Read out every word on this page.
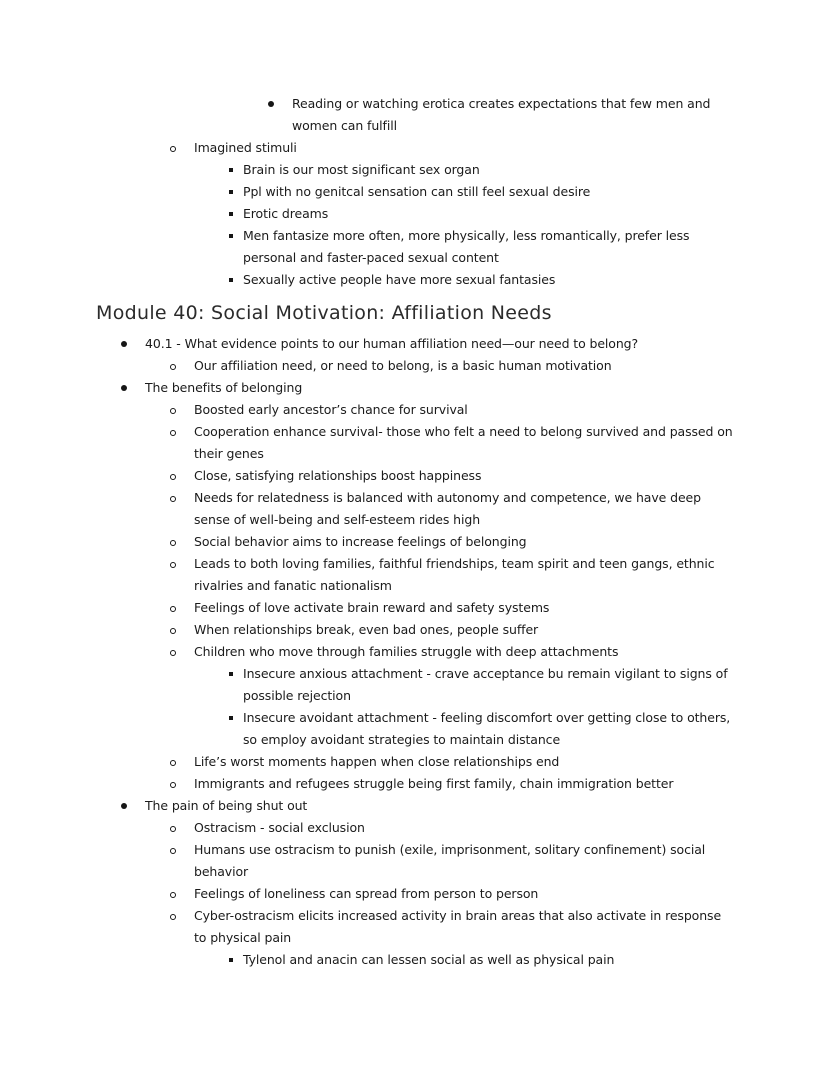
Reading or watching erotica creates expectations that few men and women can fulfill
Imagined stimuli
Brain is our most significant sex organ
Ppl with no genitcal sensation can still feel sexual desire
Erotic dreams
Men fantasize more often, more physically, less romantically, prefer less personal and faster-paced sexual content
Sexually active people have more sexual fantasies
Module 40: Social Motivation: Affiliation Needs
40.1 - What evidence points to our human affiliation need—our need to belong?
Our affiliation need, or need to belong, is a basic human motivation
The benefits of belonging
Boosted early ancestor’s chance for survival
Cooperation enhance survival- those who felt a need to belong survived and passed on their genes
Close, satisfying relationships boost happiness
Needs for relatedness is balanced with autonomy and competence, we have deep sense of well-being and self-esteem rides high
Social behavior aims to increase feelings of belonging
Leads to both loving families, faithful friendships, team spirit and teen gangs, ethnic rivalries and fanatic nationalism
Feelings of love activate brain reward and safety systems
When relationships break, even bad ones, people suffer
Children who move through families struggle with deep attachments
Insecure anxious attachment - crave acceptance bu remain vigilant to signs of possible rejection
Insecure avoidant attachment - feeling discomfort over getting close to others, so employ avoidant strategies to maintain distance
Life’s worst moments happen when close relationships end
Immigrants and refugees struggle being first family, chain immigration better
The pain of being shut out
Ostracism - social exclusion
Humans use ostracism to punish (exile, imprisonment, solitary confinement) social behavior
Feelings of loneliness can spread from person to person
Cyber-ostracism elicits increased activity in brain areas that also activate in response to physical pain
Tylenol and anacin can lessen social as well as physical pain
